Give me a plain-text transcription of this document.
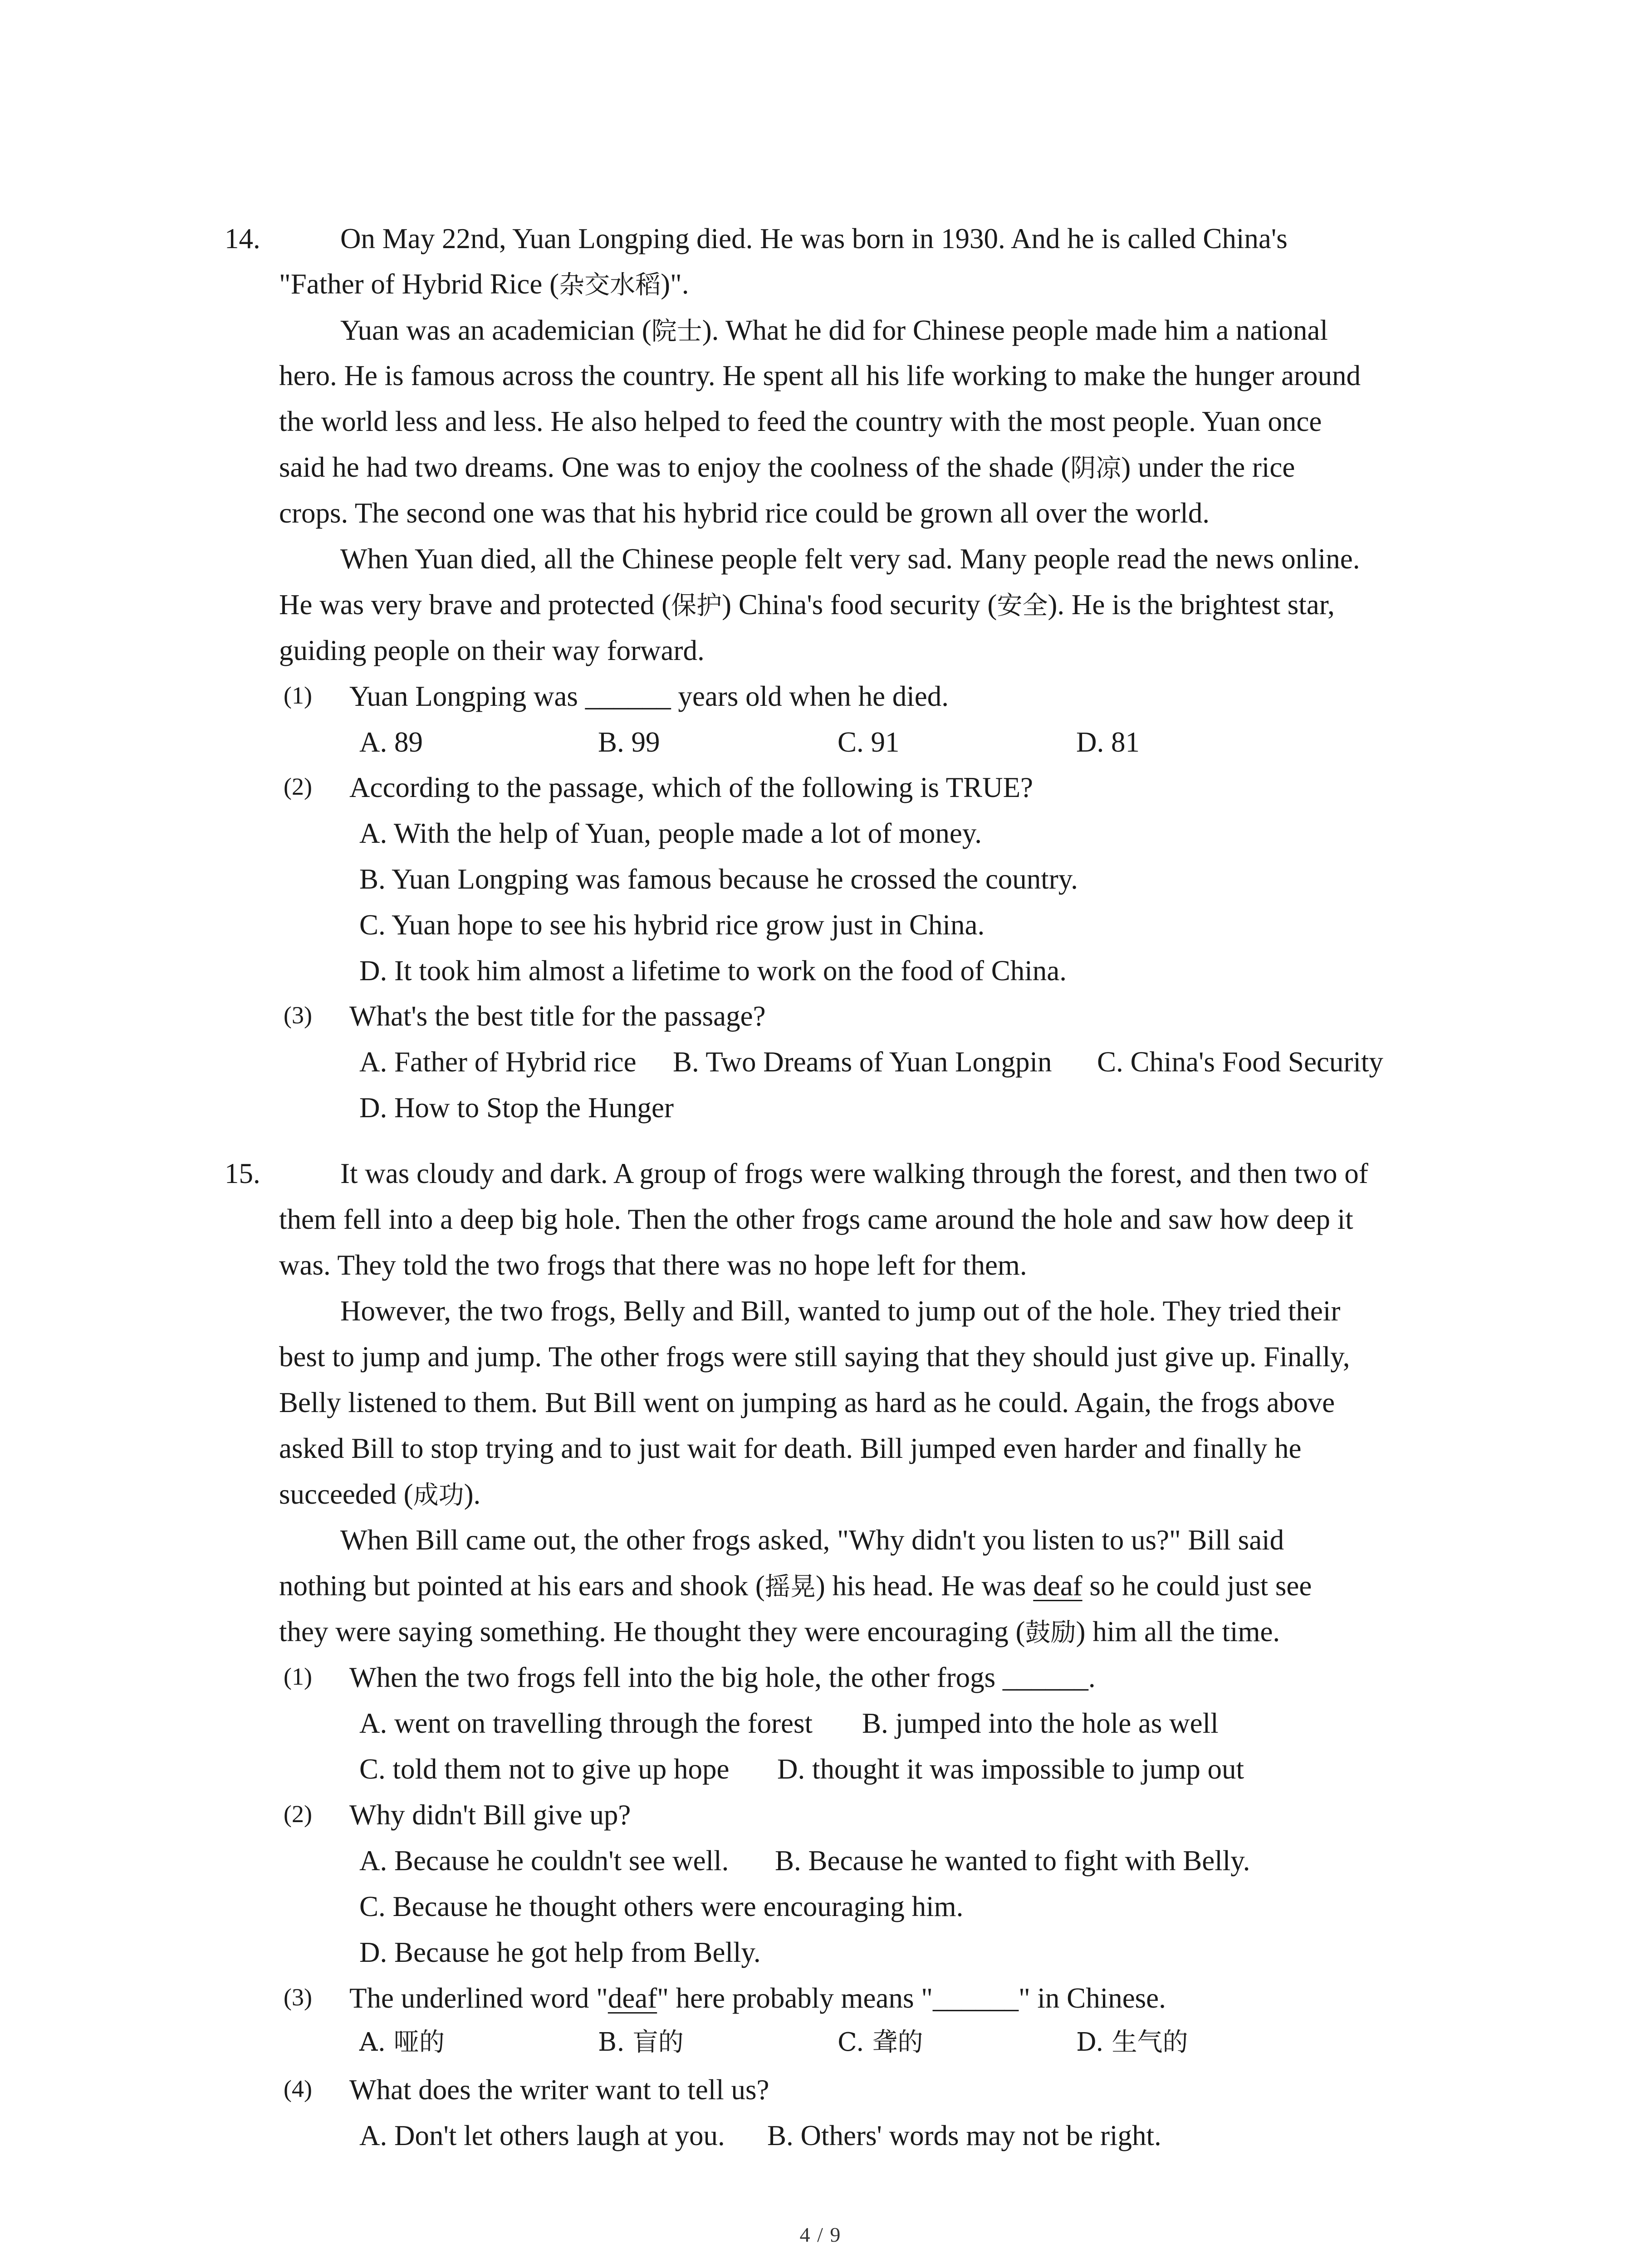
14.	On May 22nd, Yuan Longping died. He was born in 1930. And he is called China's
"Father of Hybrid Rice (杂交水稻)".
Yuan was an academician (院士). What he did for Chinese people made him a national
hero. He is famous across the country. He spent all his life working to make the hunger around
the world less and less. He also helped to feed the country with the most people. Yuan once
said he had two dreams. One was to enjoy the coolness of the shade (阴凉) under the rice
crops. The second one was that his hybrid rice could be grown all over the world.
When Yuan died, all the Chinese people felt very sad. Many people read the news online.
He was very brave and protected (保护) China's food security (安全). He is the brightest star,
guiding people on their way forward.
(1) Yuan Longping was ______ years old when he died.
A. 89	B. 99	C. 91	D. 81
(2) According to the passage, which of the following is TRUE?
A. With the help of Yuan, people made a lot of money.
B. Yuan Longping was famous because he crossed the country.
C. Yuan hope to see his hybrid rice grow just in China.
D. It took him almost a lifetime to work on the food of China.
(3) What's the best title for the passage?
A. Father of Hybrid rice B. Two Dreams of Yuan Longpin C. China's Food Security
D. How to Stop the Hunger
15.	It was cloudy and dark. A group of frogs were walking through the forest, and then two of
them fell into a deep big hole. Then the other frogs came around the hole and saw how deep it
was. They told the two frogs that there was no hope left for them.
However, the two frogs, Belly and Bill, wanted to jump out of the hole. They tried their
best to jump and jump. The other frogs were still saying that they should just give up. Finally,
Belly listened to them. But Bill went on jumping as hard as he could. Again, the frogs above
asked Bill to stop trying and to just wait for death. Bill jumped even harder and finally he
succeeded (成功).
When Bill came out, the other frogs asked, "Why didn't you listen to us?" Bill said
nothing but pointed at his ears and shook (摇晃) his head. He was deaf so he could just see
they were saying something. He thought they were encouraging (鼓励) him all the time.
(1) When the two frogs fell into the big hole, the other frogs ______.
A. went on travelling through the forest B. jumped into the hole as well
C. told them not to give up hope D. thought it was impossible to jump out
(2) Why didn't Bill give up?
A. Because he couldn't see well. B. Because he wanted to fight with Belly.
C. Because he thought others were encouraging him.
D. Because he got help from Belly.
(3) The underlined word "deaf" here probably means "______" in Chinese.
A. 哑的	B. 盲的	C. 聋的	D. 生气的
(4) What does the writer want to tell us?
A. Don't let others laugh at you. B. Others' words may not be right.
4 / 9
